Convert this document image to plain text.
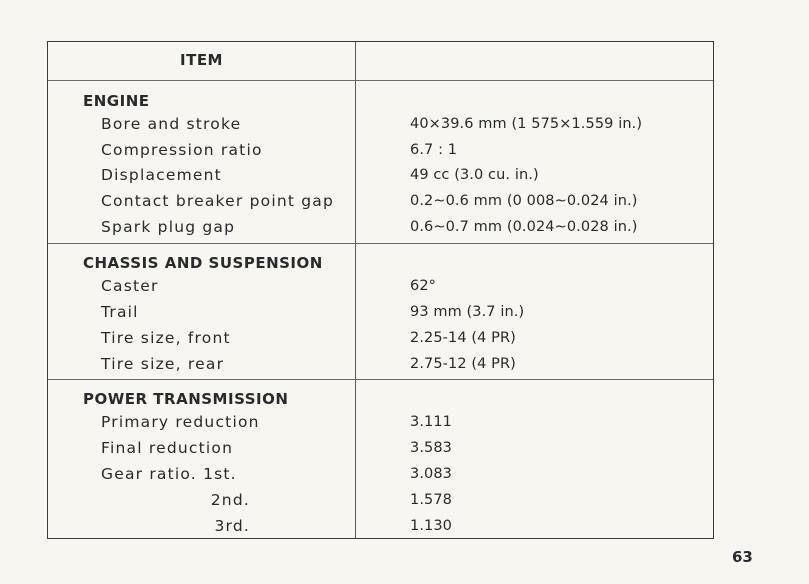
ITEM
ENGINE
Bore and stroke	40×39.6 mm (1 575×1.559 in.)
Compression ratio	6.7 : 1
Displacement	49 cc (3.0 cu. in.)
Contact breaker point gap	0.2∼0.6 mm (0 008∼0.024 in.)
Spark plug gap	0.6∼0.7 mm (0.024∼0.028 in.)
CHASSIS AND SUSPENSION
Caster	62°
Trail	93 mm (3.7 in.)
Tire size, front	2.25-14 (4 PR)
Tire size, rear	2.75-12 (4 PR)
POWER TRANSMISSION
Primary reduction	3.111
Final reduction	3.583
Gear ratio. 1st.	3.083
2nd.	1.578
3rd.	1.130
63
